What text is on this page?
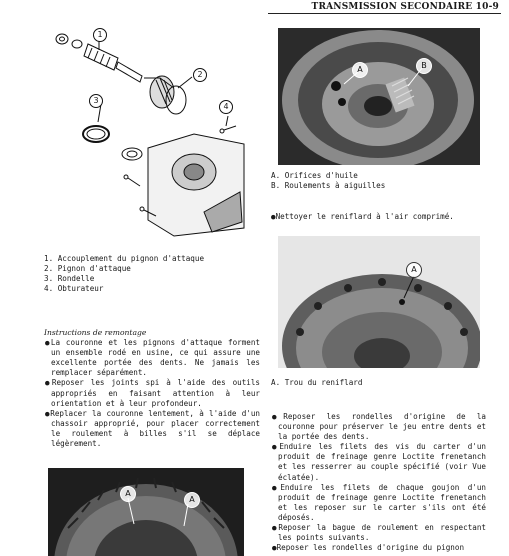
TRANSMISSION SECONDAIRE 10-9
1
2
3
4
1. Accouplement du pignon d'attaque
2. Pignon d'attaque
3. Rondelle
4. Obturateur
Instructions de remontage

●La couronne et les pignons d'attaque forment un ensemble rodé en usine, ce qui assure une excellente portée des dents. Ne jamais les remplacer séparément.

●Reposer les joints spi à l'aide des outils appropriés en faisant attention à leur orientation et à leur profondeur.

●Replacer la couronne lentement, à l'aide d'un chassoir approprié, pour placer correctement le roulement à billes s'il se déplace légèrement.

A
A
A	B
A. Orifices d'huile
B. Roulements à aiguilles
●Nettoyer le reniflard à l'air comprimé.
A
A. Trou du reniflard

●Reposer les rondelles d'origine de la couronne pour préserver le jeu entre dents et la portée des dents.

●Enduire les filets des vis du carter d'un produit de freinage genre Loctite frenetanch et les resserrer au couple spécifié (voir Vue éclatée).

●Enduire les filets de chaque goujon d'un produit de freinage genre Loctite frenetanch et les reposer sur le carter s'ils ont été déposés.

●Reposer la bague de roulement en respectant les points suivants.

●Reposer les rondelles d'origine du pignon
